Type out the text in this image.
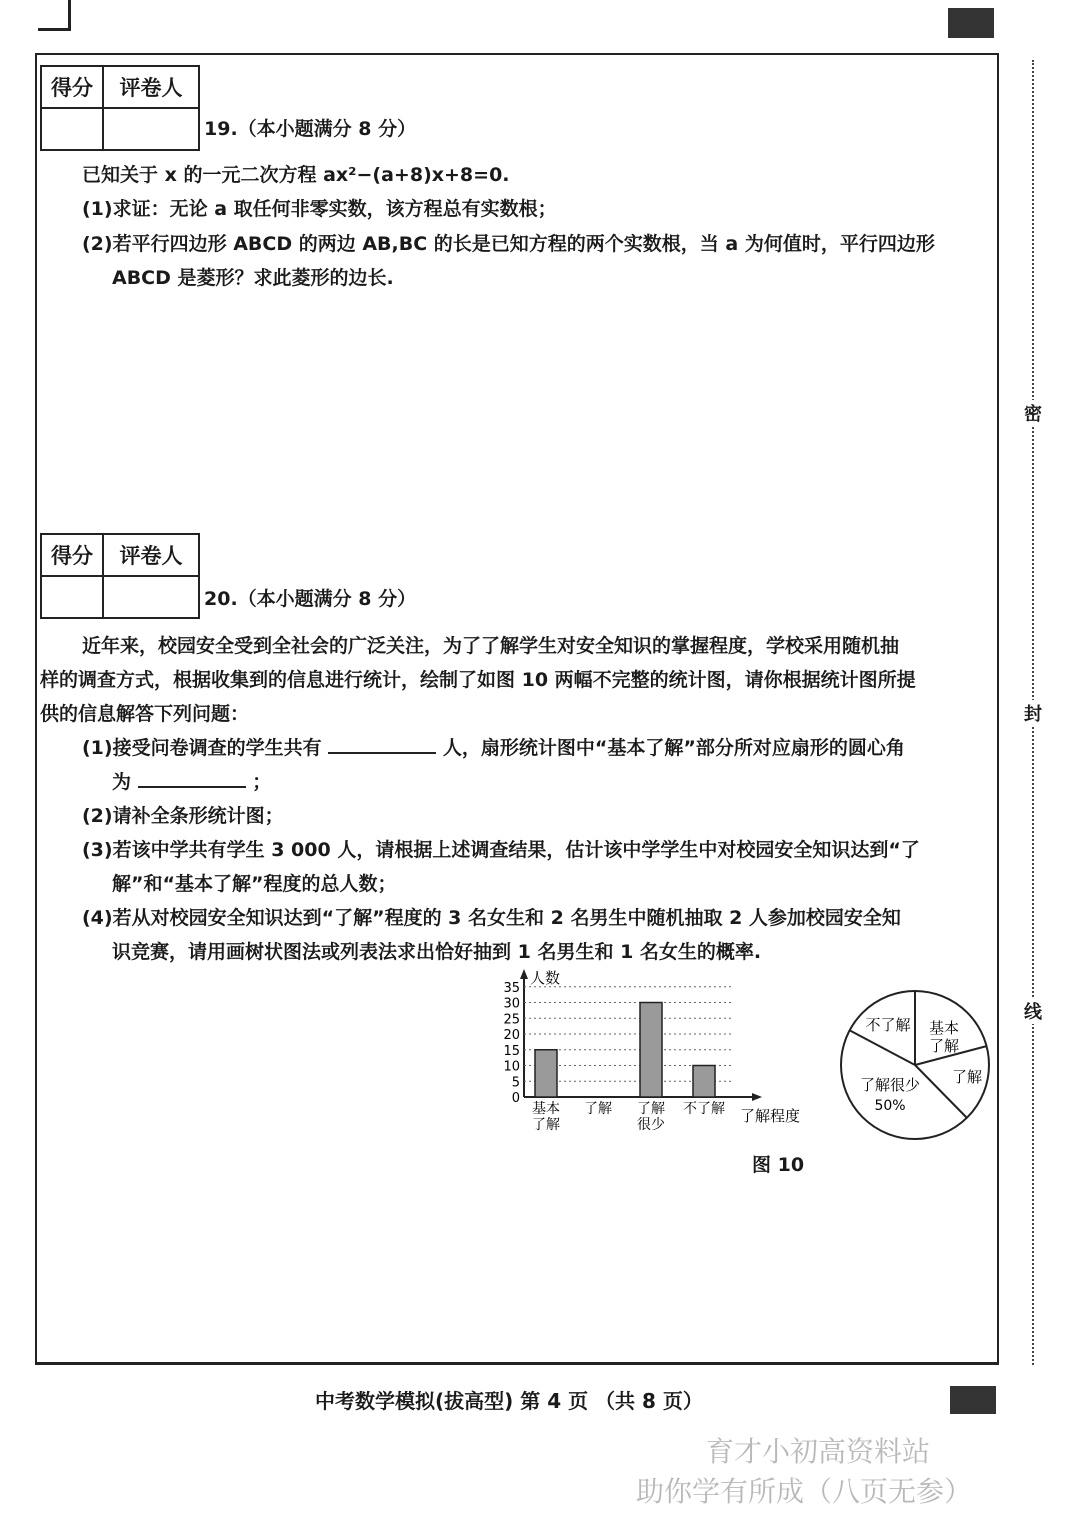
密
封
线
得分	评卷人

19.（本小题满分 8 分）
已知关于 x 的一元二次方程 ax²−(a+8)x+8=0.
(1)求证：无论 a 取任何非零实数，该方程总有实数根；
(2)若平行四边形 ABCD 的两边 AB,BC 的长是已知方程的两个实数根，当 a 为何值时，平行四边形
ABCD 是菱形？求此菱形的边长.
得分	评卷人

20.（本小题满分 8 分）
近年来，校园安全受到全社会的广泛关注，为了了解学生对安全知识的掌握程度，学校采用随机抽
样的调查方式，根据收集到的信息进行统计，绘制了如图 10 两幅不完整的统计图，请你根据统计图所提
供的信息解答下列问题：
(1)接受问卷调查的学生共有	人，扇形统计图中“基本了解”部分所对应扇形的圆心角
为	；
(2)请补全条形统计图；
(3)若该中学共有学生 3 000 人，请根据上述调查结果，估计该中学学生中对校园安全知识达到“了
解”和“基本了解”程度的总人数；
(4)若从对校园安全知识达到“了解”程度的 3 名女生和 2 名男生中随机抽取 2 人参加校园安全知
识竞赛，请用画树状图法或列表法求出恰好抽到 1 名男生和 1 名女生的概率.
人数
0
5
10
15
20
25
30
35
基本
了解
了解 了解
很少
不了解 了解程度
不了解 基本
了解
了解
了解很少
50%
图 10
中考数学模拟(拔高型) 第 4 页 （共 8 页）
育才小初高资料站
助你学有所成（八页无参）
